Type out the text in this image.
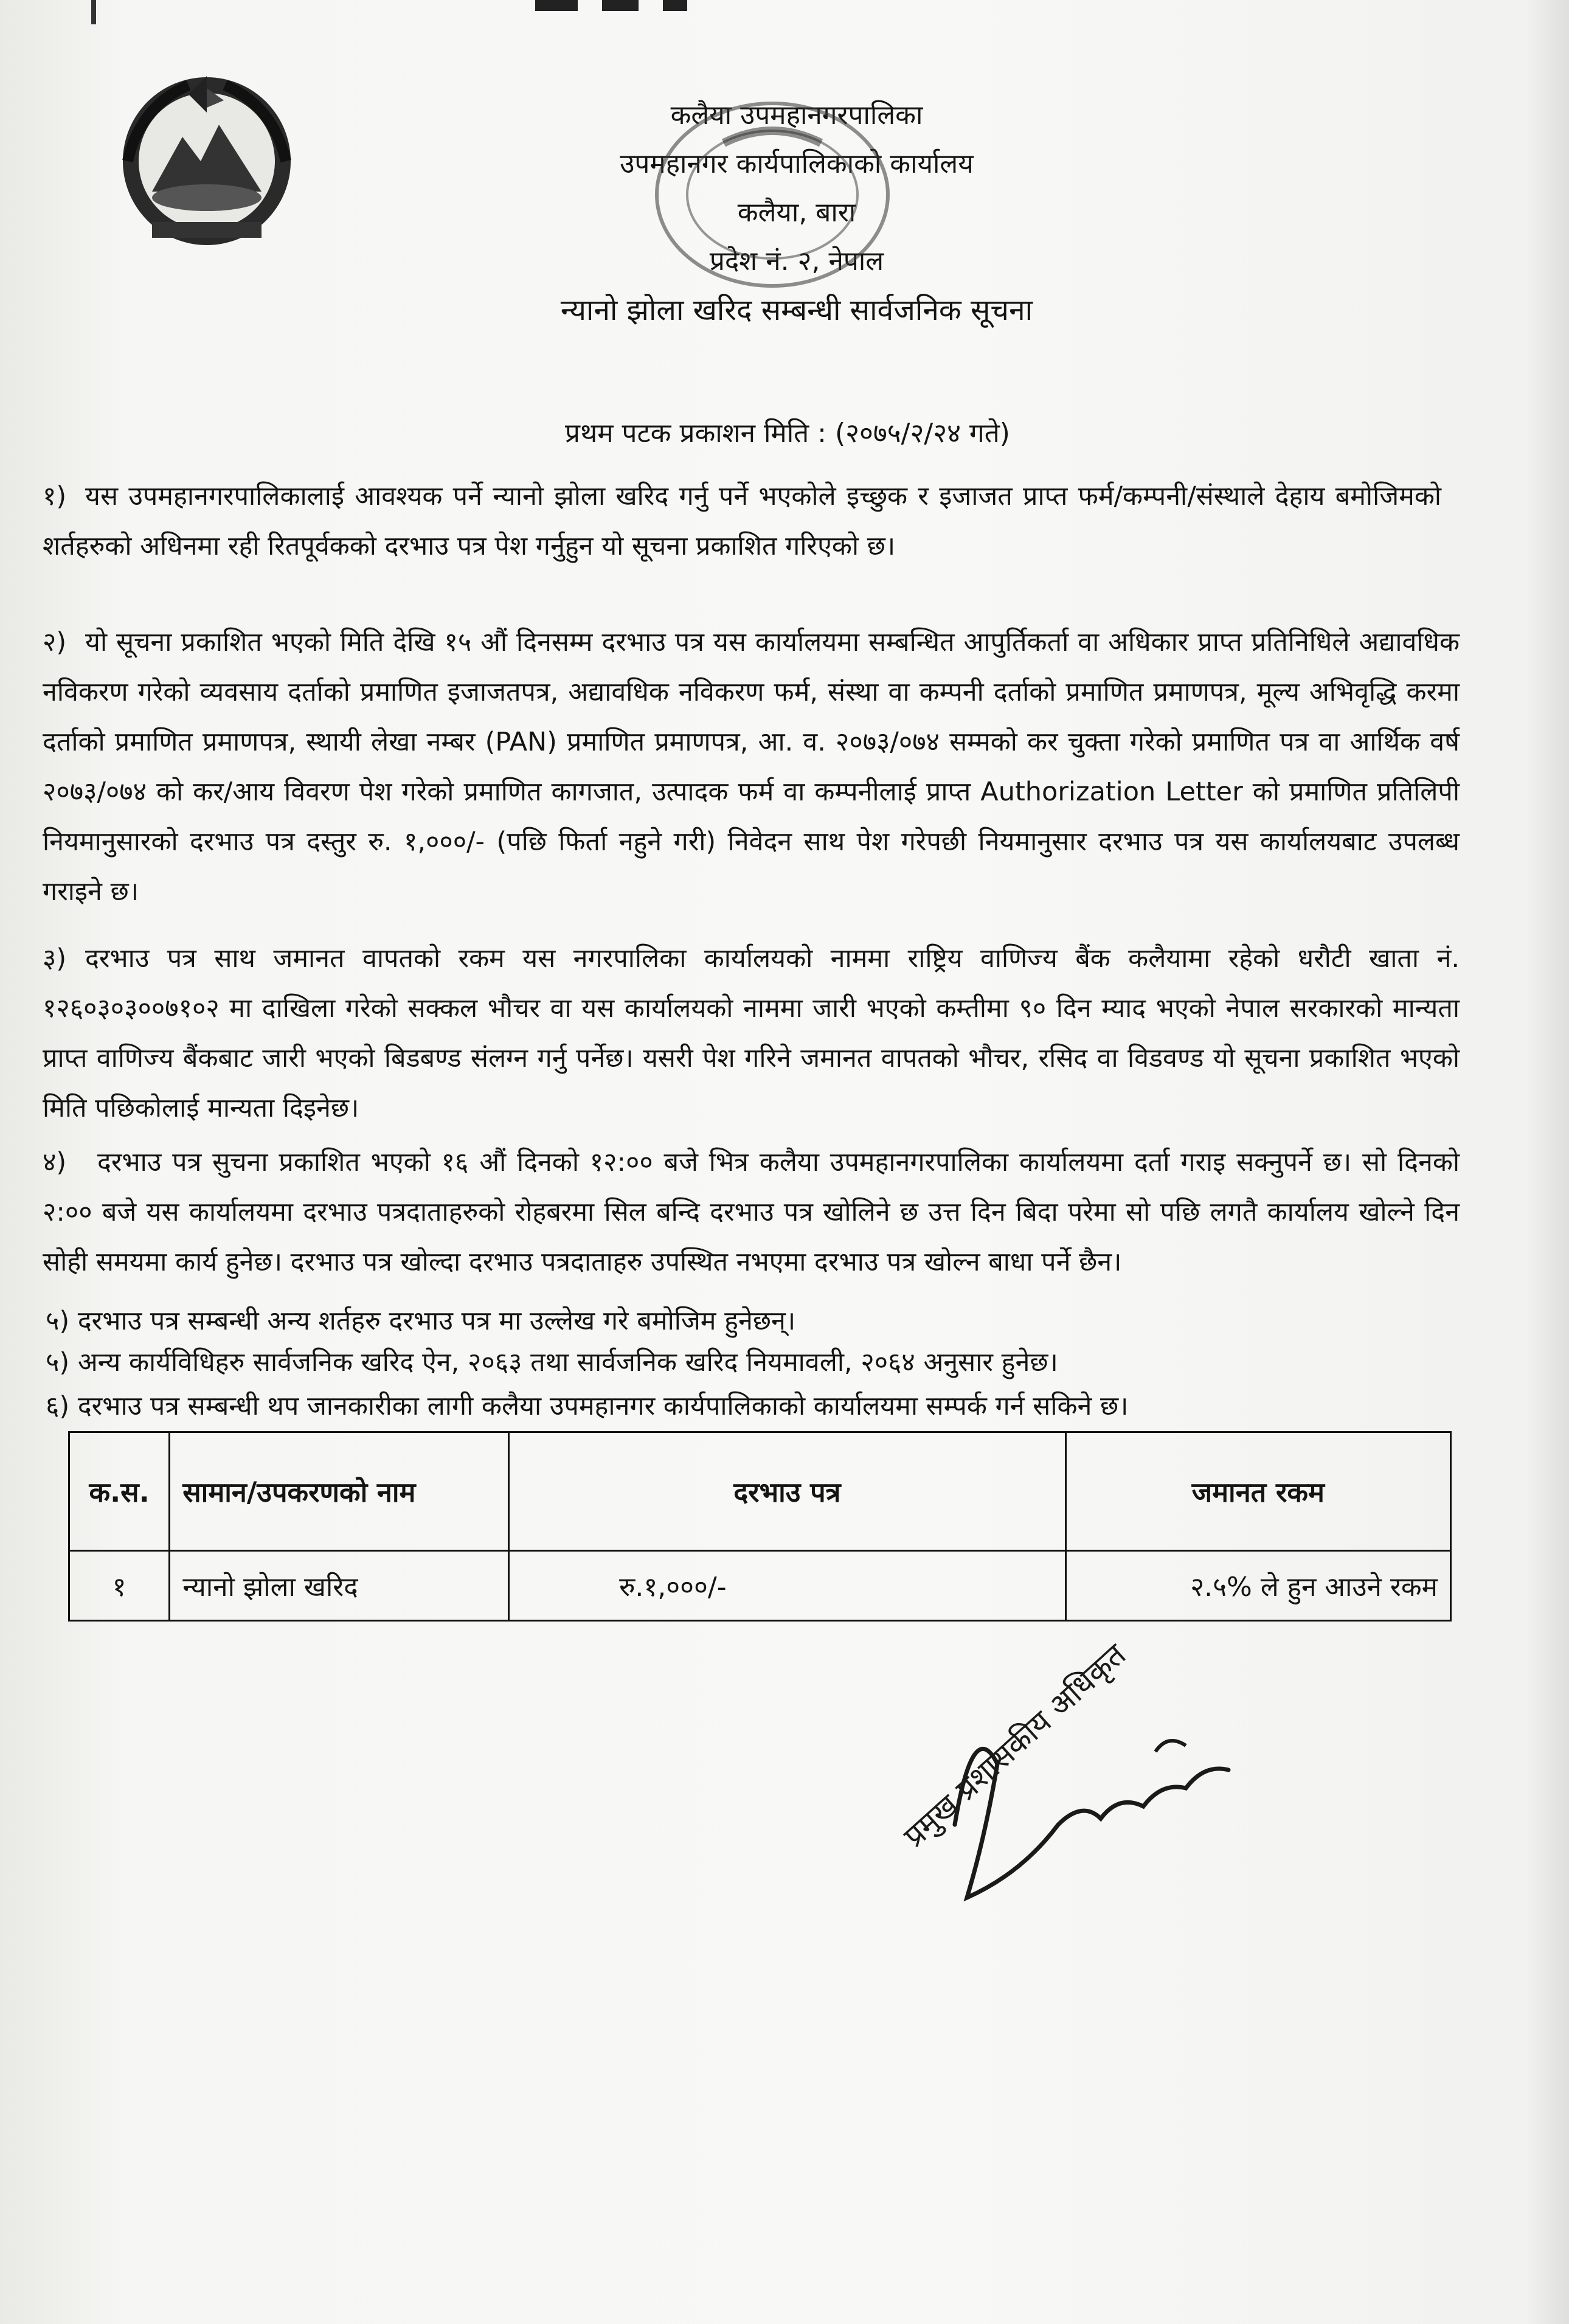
कलैया उपमहानगरपालिका
उपमहानगर कार्यपालिकाको कार्यालय
कलैया, बारा
प्रदेश नं. २, नेपाल
न्यानो झोला खरिद सम्बन्धी सार्वजनिक सूचना
प्रथम पटक प्रकाशन मिति : (२०७५/२/२४ गते)
१) यस उपमहानगरपालिकालाई आवश्यक पर्ने न्यानो झोला खरिद गर्नु पर्ने भएकोले इच्छुक र इजाजत प्राप्त फर्म/कम्पनी/संस्थाले देहाय बमोजिमको शर्तहरुको अधिनमा रही रितपूर्वकको दरभाउ पत्र पेश गर्नुहुन यो सूचना प्रकाशित गरिएको छ।
२) यो सूचना प्रकाशित भएको मिति देखि १५ औं दिनसम्म दरभाउ पत्र यस कार्यालयमा सम्बन्धित आपुर्तिकर्ता वा अधिकार प्राप्त प्रतिनिधिले अद्यावधिक नविकरण गरेको व्यवसाय दर्ताको प्रमाणित इजाजतपत्र, अद्यावधिक नविकरण फर्म, संस्था वा कम्पनी दर्ताको प्रमाणित प्रमाणपत्र, मूल्य अभिवृद्धि करमा दर्ताको प्रमाणित प्रमाणपत्र, स्थायी लेखा नम्बर (PAN) प्रमाणित प्रमाणपत्र, आ. व. २०७३/०७४ सम्मको कर चुक्ता गरेको प्रमाणित पत्र वा आर्थिक वर्ष २०७३/०७४ को कर/आय विवरण पेश गरेको प्रमाणित कागजात, उत्पादक फर्म वा कम्पनीलाई प्राप्त Authorization Letter को प्रमाणित प्रतिलिपी नियमानुसारको दरभाउ पत्र दस्तुर रु. १,०००/- (पछि फिर्ता नहुने गरी) निवेदन साथ पेश गरेपछी नियमानुसार दरभाउ पत्र यस कार्यालयबाट उपलब्ध गराइने छ।
३) दरभाउ पत्र साथ जमानत वापतको रकम यस नगरपालिका कार्यालयको नाममा राष्ट्रिय वाणिज्य बैंक कलैयामा रहेको धरौटी खाता नं. १२६०३०३००७१०२ मा दाखिला गरेको सक्कल भौचर वा यस कार्यालयको नाममा जारी भएको कम्तीमा ९० दिन म्याद भएको नेपाल सरकारको मान्यता प्राप्त वाणिज्य बैंकबाट जारी भएको बिडबण्ड संलग्न गर्नु पर्नेछ। यसरी पेश गरिने जमानत वापतको भौचर, रसिद वा विडवण्ड यो सूचना प्रकाशित भएको मिति पछिकोलाई मान्यता दिइनेछ।
४)	दरभाउ पत्र सुचना प्रकाशित भएको १६ औं दिनको १२:०० बजे भित्र कलैया उपमहानगरपालिका कार्यालयमा दर्ता गराइ सक्नुपर्ने छ। सो दिनको २:०० बजे यस कार्यालयमा दरभाउ पत्रदाताहरुको रोहबरमा सिल बन्दि दरभाउ पत्र खोलिने छ उत्त दिन बिदा परेमा सो पछि लगतै कार्यालय खोल्ने दिन सोही समयमा कार्य हुनेछ। दरभाउ पत्र खोल्दा दरभाउ पत्रदाताहरु उपस्थित नभएमा दरभाउ पत्र खोल्न बाधा पर्ने छैन।
५) दरभाउ पत्र सम्बन्धी अन्य शर्तहरु दरभाउ पत्र मा उल्लेख गरे बमोजिम हुनेछन्।
५) अन्य कार्यविधिहरु सार्वजनिक खरिद ऐन, २०६३ तथा सार्वजनिक खरिद नियमावली, २०६४ अनुसार हुनेछ।
६) दरभाउ पत्र सम्बन्धी थप जानकारीका लागी कलैया उपमहानगर कार्यपालिकाको कार्यालयमा सम्पर्क गर्न सकिने छ।
क.स.	सामान/उपकरणको नाम	दरभाउ पत्र	जमानत रकम
१	न्यानो झोला खरिद	रु.१,०००/-	२.५% ले हुन आउने रकम
प्रमुख प्रशासकीय अधिकृत
